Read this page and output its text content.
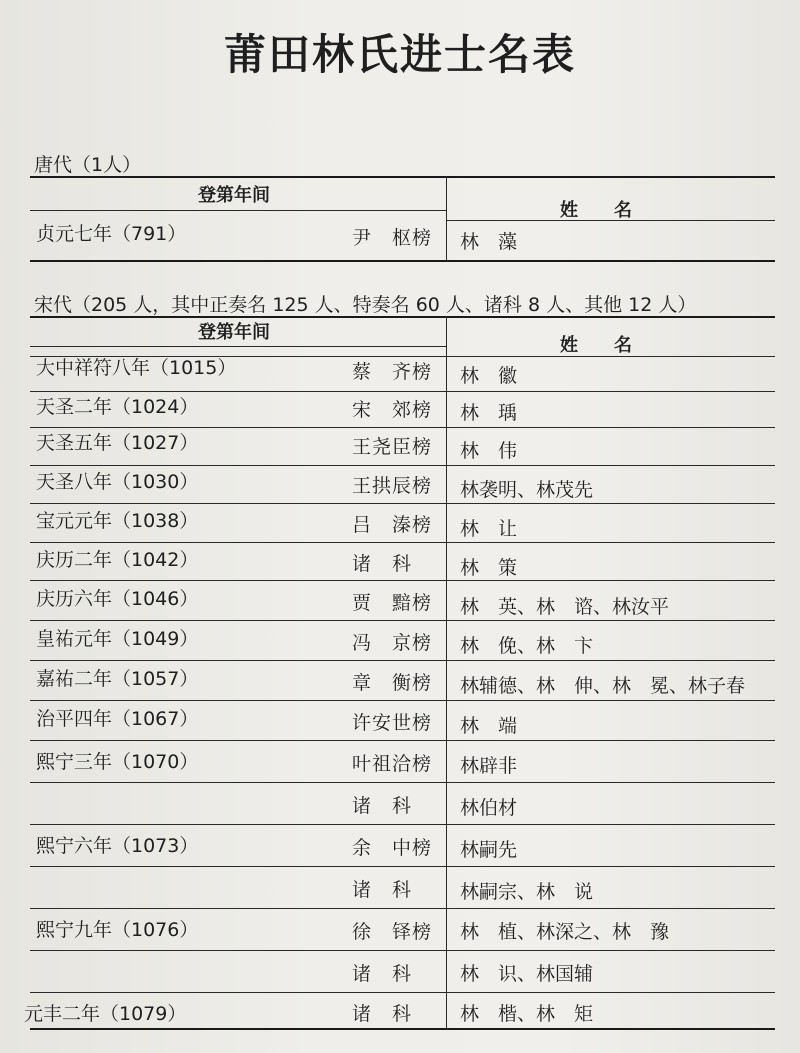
莆田林氏进士名表
唐代（1人）
登第年间
姓　　名
贞元七年（791）	尹　枢榜 林　藻
宋代（205 人，其中正奏名 125 人、特奏名 60 人、诸科 8 人、其他 12 人）
登第年间
姓　　名
大中祥符八年（1015）	蔡　齐榜 林　徽
天圣二年（1024）	宋　郊榜 林　瑀
天圣五年（1027）	王尧臣榜 林　伟
天圣八年（1030）	王拱辰榜 林袭明、林茂先
宝元元年（1038）	吕　溱榜 林　让
庆历二年（1042）	诸　科	林　策
庆历六年（1046）	贾　黯榜 林　英、林　谘、林汝平
皇祐元年（1049）	冯　京榜 林　俛、林　卞
嘉祐二年（1057）	章　衡榜 林辅德、林　伸、林　冕、林子春
治平四年（1067）	许安世榜 林　端
熙宁三年（1070）	叶祖洽榜 林辟非
诸　科	林伯材
熙宁六年（1073）	余　中榜 林嗣先
诸　科	林嗣宗、林　说
熙宁九年（1076）	徐　铎榜 林　植、林深之、林　豫
诸　科	林　识、林国辅
元丰二年（1079）	诸　科	林　楷、林　矩
